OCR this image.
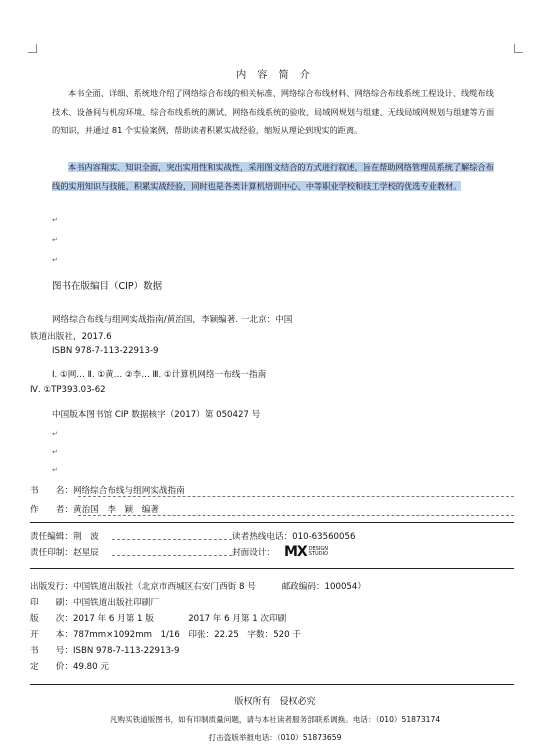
内 容 简 介
本书全面、详细、系统地介绍了网络综合布线的相关标准、网络综合布线材料、网络综合布线系统工程设计、线缆布线技术、设备间与机房环境、综合布线系统的测试、网络布线系统的验收、局域网规划与组建、无线局域网规划与组建等方面的知识，并通过 81 个实验案例，帮助读者积累实战经验，缩短从理论到现实的距离。
本书内容翔实、知识全面，突出实用性和实战性，采用图文结合的方式进行叙述，旨在帮助网络管理员系统了解综合布线的实用知识与技能，积累实战经验，同时也是各类计算机培训中心、中等职业学校和技工学校的优选专业教材。
↵
↵
↵
图书在版编目（CIP）数据
网络综合布线与组网实战指南/黄治国，李颖编著. 一北京：中国
铁道出版社，2017.6
ISBN 978-7-113-22913-9
Ⅰ. ①网… Ⅱ. ①黄… ②李… Ⅲ. ①计算机网络一布线一指南
Ⅳ. ①TP393.03-62
中国版本图书馆 CIP 数据核字（2017）第 050427 号
↵
↵
↵
书　　名：网络综合布线与组网实战指南
作　　者：黄治国　李　颖　编著
责任编辑：荆　波	读者热线电话：010-63560056
责任印制：赵星辰	封面设计： MX DESIGN
STUDIO
出版发行：中国铁道出版社（北京市西城区右安门西街 8 号　　　邮政编码：100054）
印　　刷：中国铁道出版社印刷厂
版　　次：2017 年 6 月第 1 版　　　　2017 年 6 月第 1 次印刷
开　　本：787mm×1092mm　1/16　印张：22.25　字数：520 千
书　　号：ISBN 978-7-113-22913-9
定　　价：49.80 元
版权所有　侵权必究
凡购买铁道版图书，如有印制质量问题，请与本社读者服务部联系调换。电话：（010）51873174
打击盗版举报电话：（010）51873659
